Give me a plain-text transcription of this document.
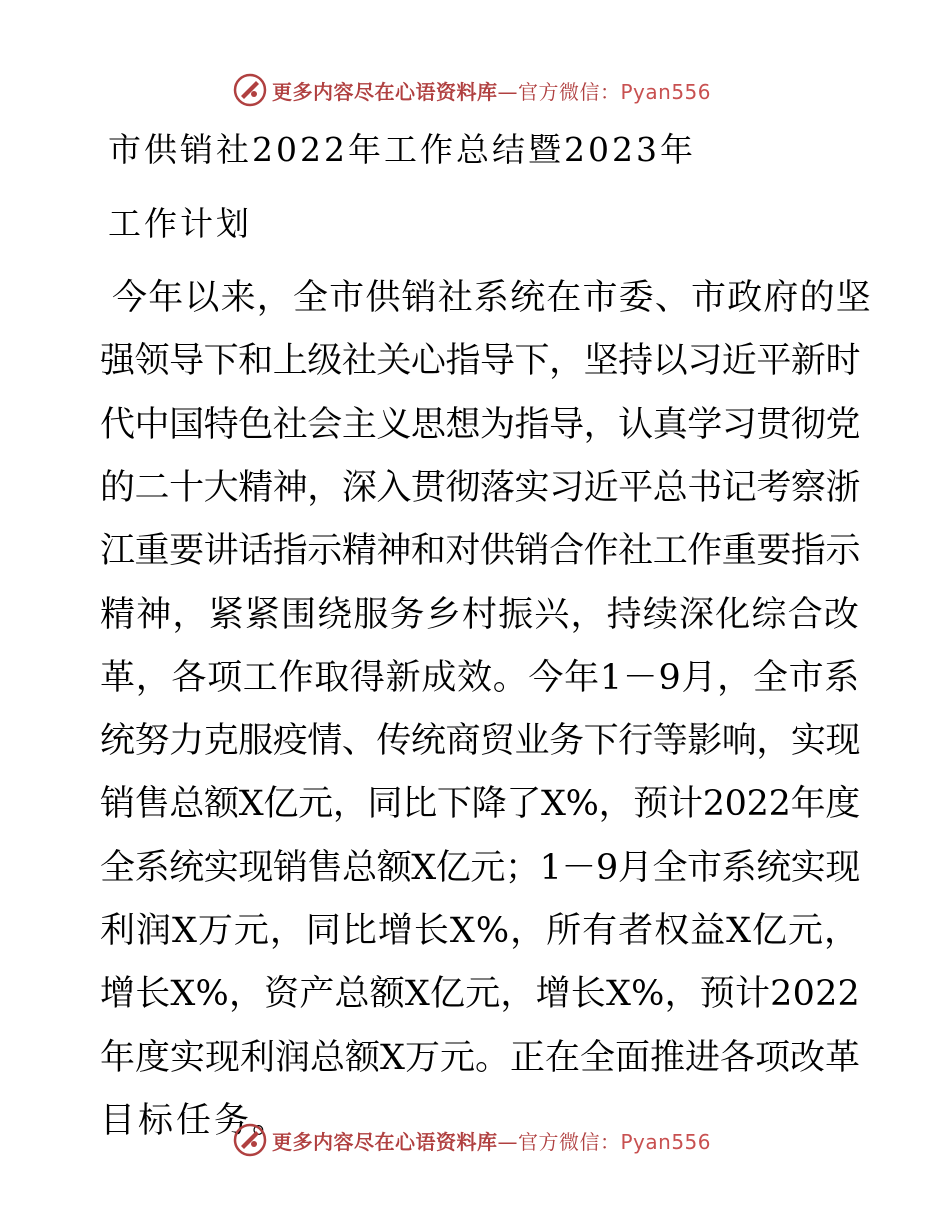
更多内容尽在心语资料库—官方微信：Pyan556
市供销社2022年工作总结暨2023年
工作计划

今年以来，全市供销社系统在市委、市政府的坚

强领导下和上级社关心指导下，坚持以习近平新时

代中国特色社会主义思想为指导，认真学习贯彻党

的二十大精神，深入贯彻落实习近平总书记考察浙

江重要讲话指示精神和对供销合作社工作重要指示

精神，紧紧围绕服务乡村振兴，持续深化综合改

革，各项工作取得新成效。今年1－9月，全市系

统努力克服疫情、传统商贸业务下行等影响，实现

销售总额X亿元，同比下降了X%，预计2022年度

全系统实现销售总额X亿元；1－9月全市系统实现

利润X万元，同比增长X%，所有者权益X亿元，

增长X%，资产总额X亿元，增长X%，预计2022

年度实现利润总额X万元。正在全面推进各项改革

目标任务。

更多内容尽在心语资料库—官方微信：Pyan556
